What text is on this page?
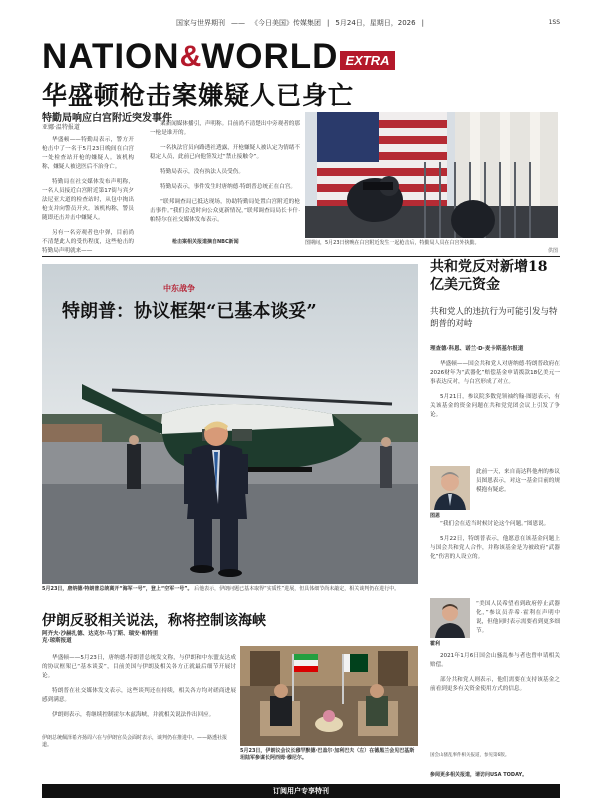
国家与世界期刊 —— 《今日美国》传媒集团 | 5月24日，星期日，2026 |	1SS
NATION & WORLD EXTRA
华盛顿枪击案嫌疑人已身亡
特勤局响应白宫附近突发事件
亚娜·温特报道

华盛顿——特勤局表示，警方开枪击中了一名于5月23日晚间在白宫一处检查站开枪的嫌疑人。该机构称，嫌疑人被送医后不治身亡。

特勤局在社交媒体发布声明称，一名人员接近白宫附近第17街与宾夕法尼亚大道的检查站时，从包中掏出枪支并向警员开火。该机构称，警员随即还击并击中嫌疑人。

另有一名旁观者也中弹，目前尚不清楚此人的受伤程度，这些枪击的特勤局声明就来——

案新闻媒体播引，声明称。目前尚不清楚出中旁观者的那一枪是谁开的。

一名执法官员向路透社透露，开枪嫌疑人被认定为情绪不稳定人员，此前已向他签发过“禁止接触令”。

特勤局表示，没有执法人员受伤。

特勤局表示，事件发生时唐纳德·特朗普总统正在白宫。

“联邦调查局已抵达现场，协助特勤局处置白宫附近的枪击事件。”我们会适时向公众更新情况，”联邦调查局局长卡什·帕特尔在社交媒体发布表示。

枪击案相关报道摘自NBC新闻	图期间，5月23日傍晚在白宫附近发生一起枪击后，特勤局人员在白宫外执勤。
供图
中东战争
特朗普：协议框架“已基本谈妥”
5月23日，唐纳德·特朗普总统离开“海军一号”，登上“空军一号”。 后他表示，伊朗问题已基本取得“实质性”进展，但具体细节尚未敲定，相关谈判仍在进行中。
伊朗反驳相关说法，称将控制该海峡
阿齐夫·沙赫扎德、达克尔·马丁斯、瑞安·帕特里克·琼斯报道

华盛顿——5月23日，唐纳德·特朗普总统发文称，与伊朗和中东盟友达成的协议框架已“基本谈妥”，目前美国与伊朗及相关各方正就最后细节开展讨论。

特朗普在社交媒体发文表示，这些谈判还在持续，相关各方均对磋商进展感到满意。

伊朗则表示，将继续控制霍尔木兹海峡，并就相关说法作出回应。

伊朗总统佩泽希齐扬周六在与伊朗官员会面时表示，谈判仍在推进中。——路透社报道。
5月23日，伊朗议会议长穆罕默德·巴盖尔·加利巴夫（左）在德黑兰会见巴基斯坦陆军参谋长阿西姆·穆尼尔。
共和党反对新增18亿美元资金
共和党人的违抗行为可能引发与特朗普的对峙
理查德·科恩、诺兰·D·麦卡斯基尔报道

华盛顿——国会共和党人对唐纳德·特朗普政府在2026财年为“武器化”赔偿基金申请拨款18亿美元一事表达反对，与白宫形成了对立。

5月21日，参议院多数党领袖约翰·图恩表示，有关该基金的资金问题在共和党党团会议上引发了争论。

图恩
此前一天，来自南达科他州的参议员图恩表示，对这一基金目前的规模抱有疑虑。

“我们会在适当时候讨论这个问题。”图恩说。

5月22日，特朗普表示，他愿意在该基金问题上与国会共和党人合作，并称该基金是为被政府“武器化”伤害的人设立的。

霍利
“美国人民希望看到政府停止武器化，”参议员乔希·霍利在声明中说，但他同时表示需要看到更多细节。

2021年1月6日国会山骚乱参与者也曾申请相关赔偿。

部分共和党人则表示，他们需要在支持该基金之前看到更多有关资金使用方式的信息。

国会山骚乱事件相关报道，参见第6版。
参阅更多相关报道，请访问USA TODAY。
订阅用户专享特刊
